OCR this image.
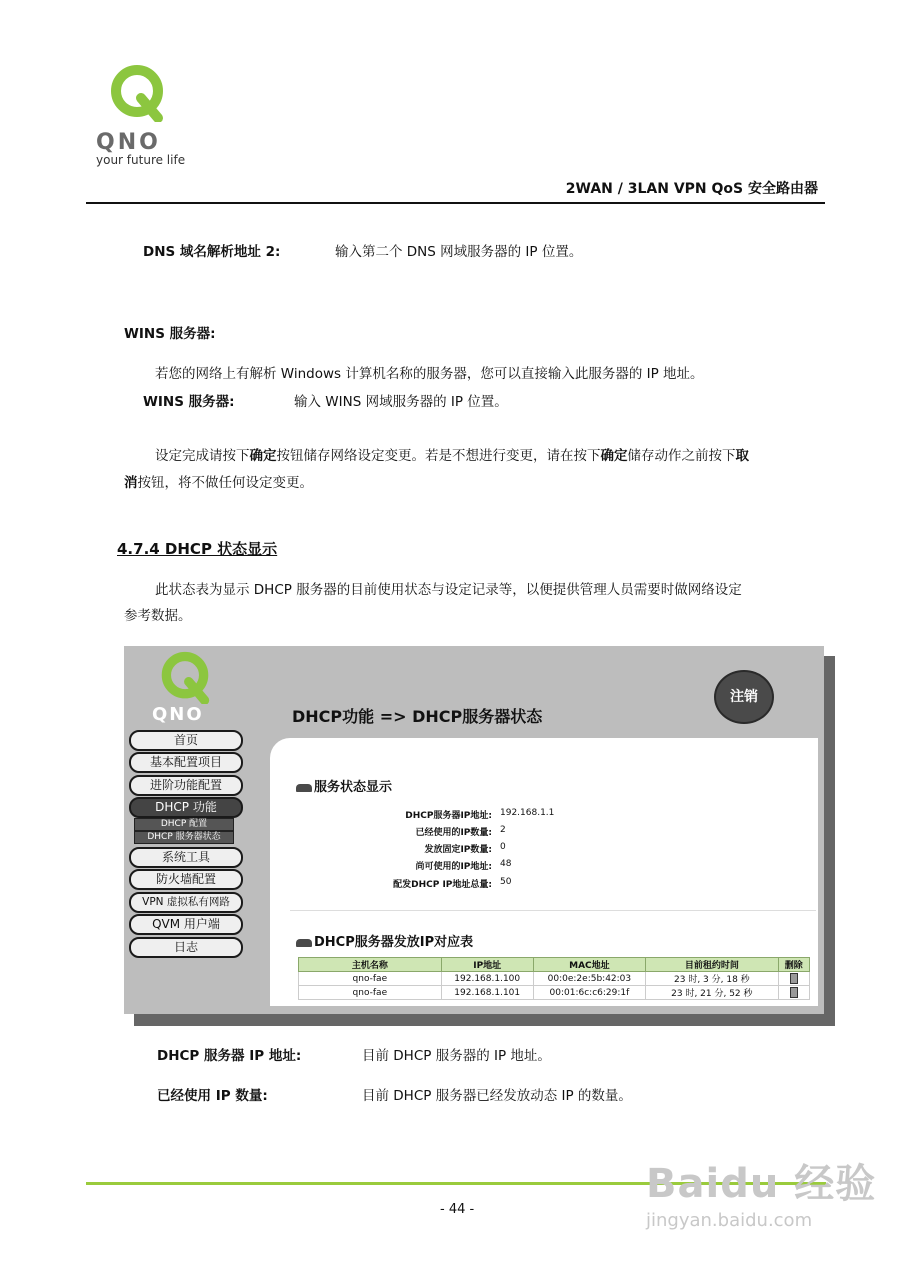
QNO
your future life
2WAN / 3LAN VPN QoS 安全路由器
DNS 域名解析地址 2:	输入第二个 DNS 网域服务器的 IP 位置。
WINS 服务器:
若您的网络上有解析 Windows 计算机名称的服务器，您可以直接输入此服务器的 IP 地址。
WINS 服务器:	输入 WINS 网域服务器的 IP 位置。
设定完成请按下确定按钮储存网络设定变更。若是不想进行变更，请在按下确定储存动作之前按下取
消按钮，将不做任何设定变更。
4.7.4 DHCP 状态显示
此状态表为显示 DHCP 服务器的目前使用状态与设定记录等，以便提供管理人员需要时做网络设定
参考数据。
QNO
注销
首页
基本配置项目
进阶功能配置
DHCP 功能
DHCP 配置
DHCP 服务器状态
系统工具
防火墙配置
VPN 虚拟私有网路
QVM 用户端
日志
DHCP功能 => DHCP服务器状态
服务状态显示
DHCP服务器IP地址: 192.168.1.1
已经使用的IP数量: 2
发放固定IP数量: 0
尚可使用的IP地址: 48
配发DHCP IP地址总量: 50
DHCP服务器发放IP对应表
主机名称	IP地址	MAC地址	目前租约时间	删除
qno-fae	192.168.1.100	00:0e:2e:5b:42:03	23 时, 3 分, 18 秒	
qno-fae	192.168.1.101	00:01:6c:c6:29:1f	23 时, 21 分, 52 秒	
DHCP 服务器 IP 地址:	目前 DHCP 服务器的 IP 地址。
已经使用 IP 数量:	目前 DHCP 服务器已经发放动态 IP 的数量。
- 44 -
Baidu 经验
jingyan.baidu.com
